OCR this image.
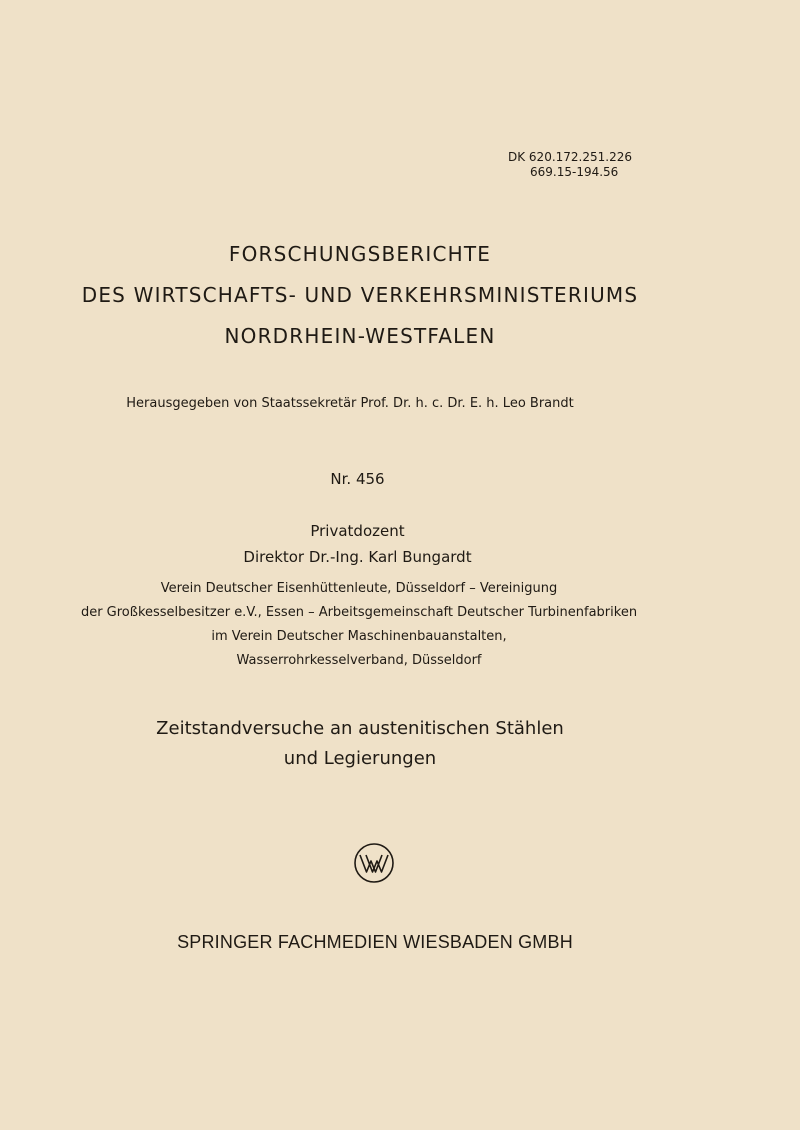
DK 620.172.251.226
669.15-194.56
FORSCHUNGSBERICHTE
DES WIRTSCHAFTS- UND VERKEHRSMINISTERIUMS
NORDRHEIN-WESTFALEN
Herausgegeben von Staatssekretär Prof. Dr. h. c. Dr. E. h. Leo Brandt
Nr. 456
Privatdozent
Direktor Dr.-Ing. Karl Bungardt
Verein Deutscher Eisenhüttenleute, Düsseldorf – Vereinigung
der Großkesselbesitzer e.V., Essen – Arbeitsgemeinschaft Deutscher Turbinenfabriken
im Verein Deutscher Maschinenbauanstalten,
Wasserrohrkesselverband, Düsseldorf
Zeitstandversuche an austenitischen Stählen
und Legierungen
SPRINGER FACHMEDIEN WIESBADEN GMBH
